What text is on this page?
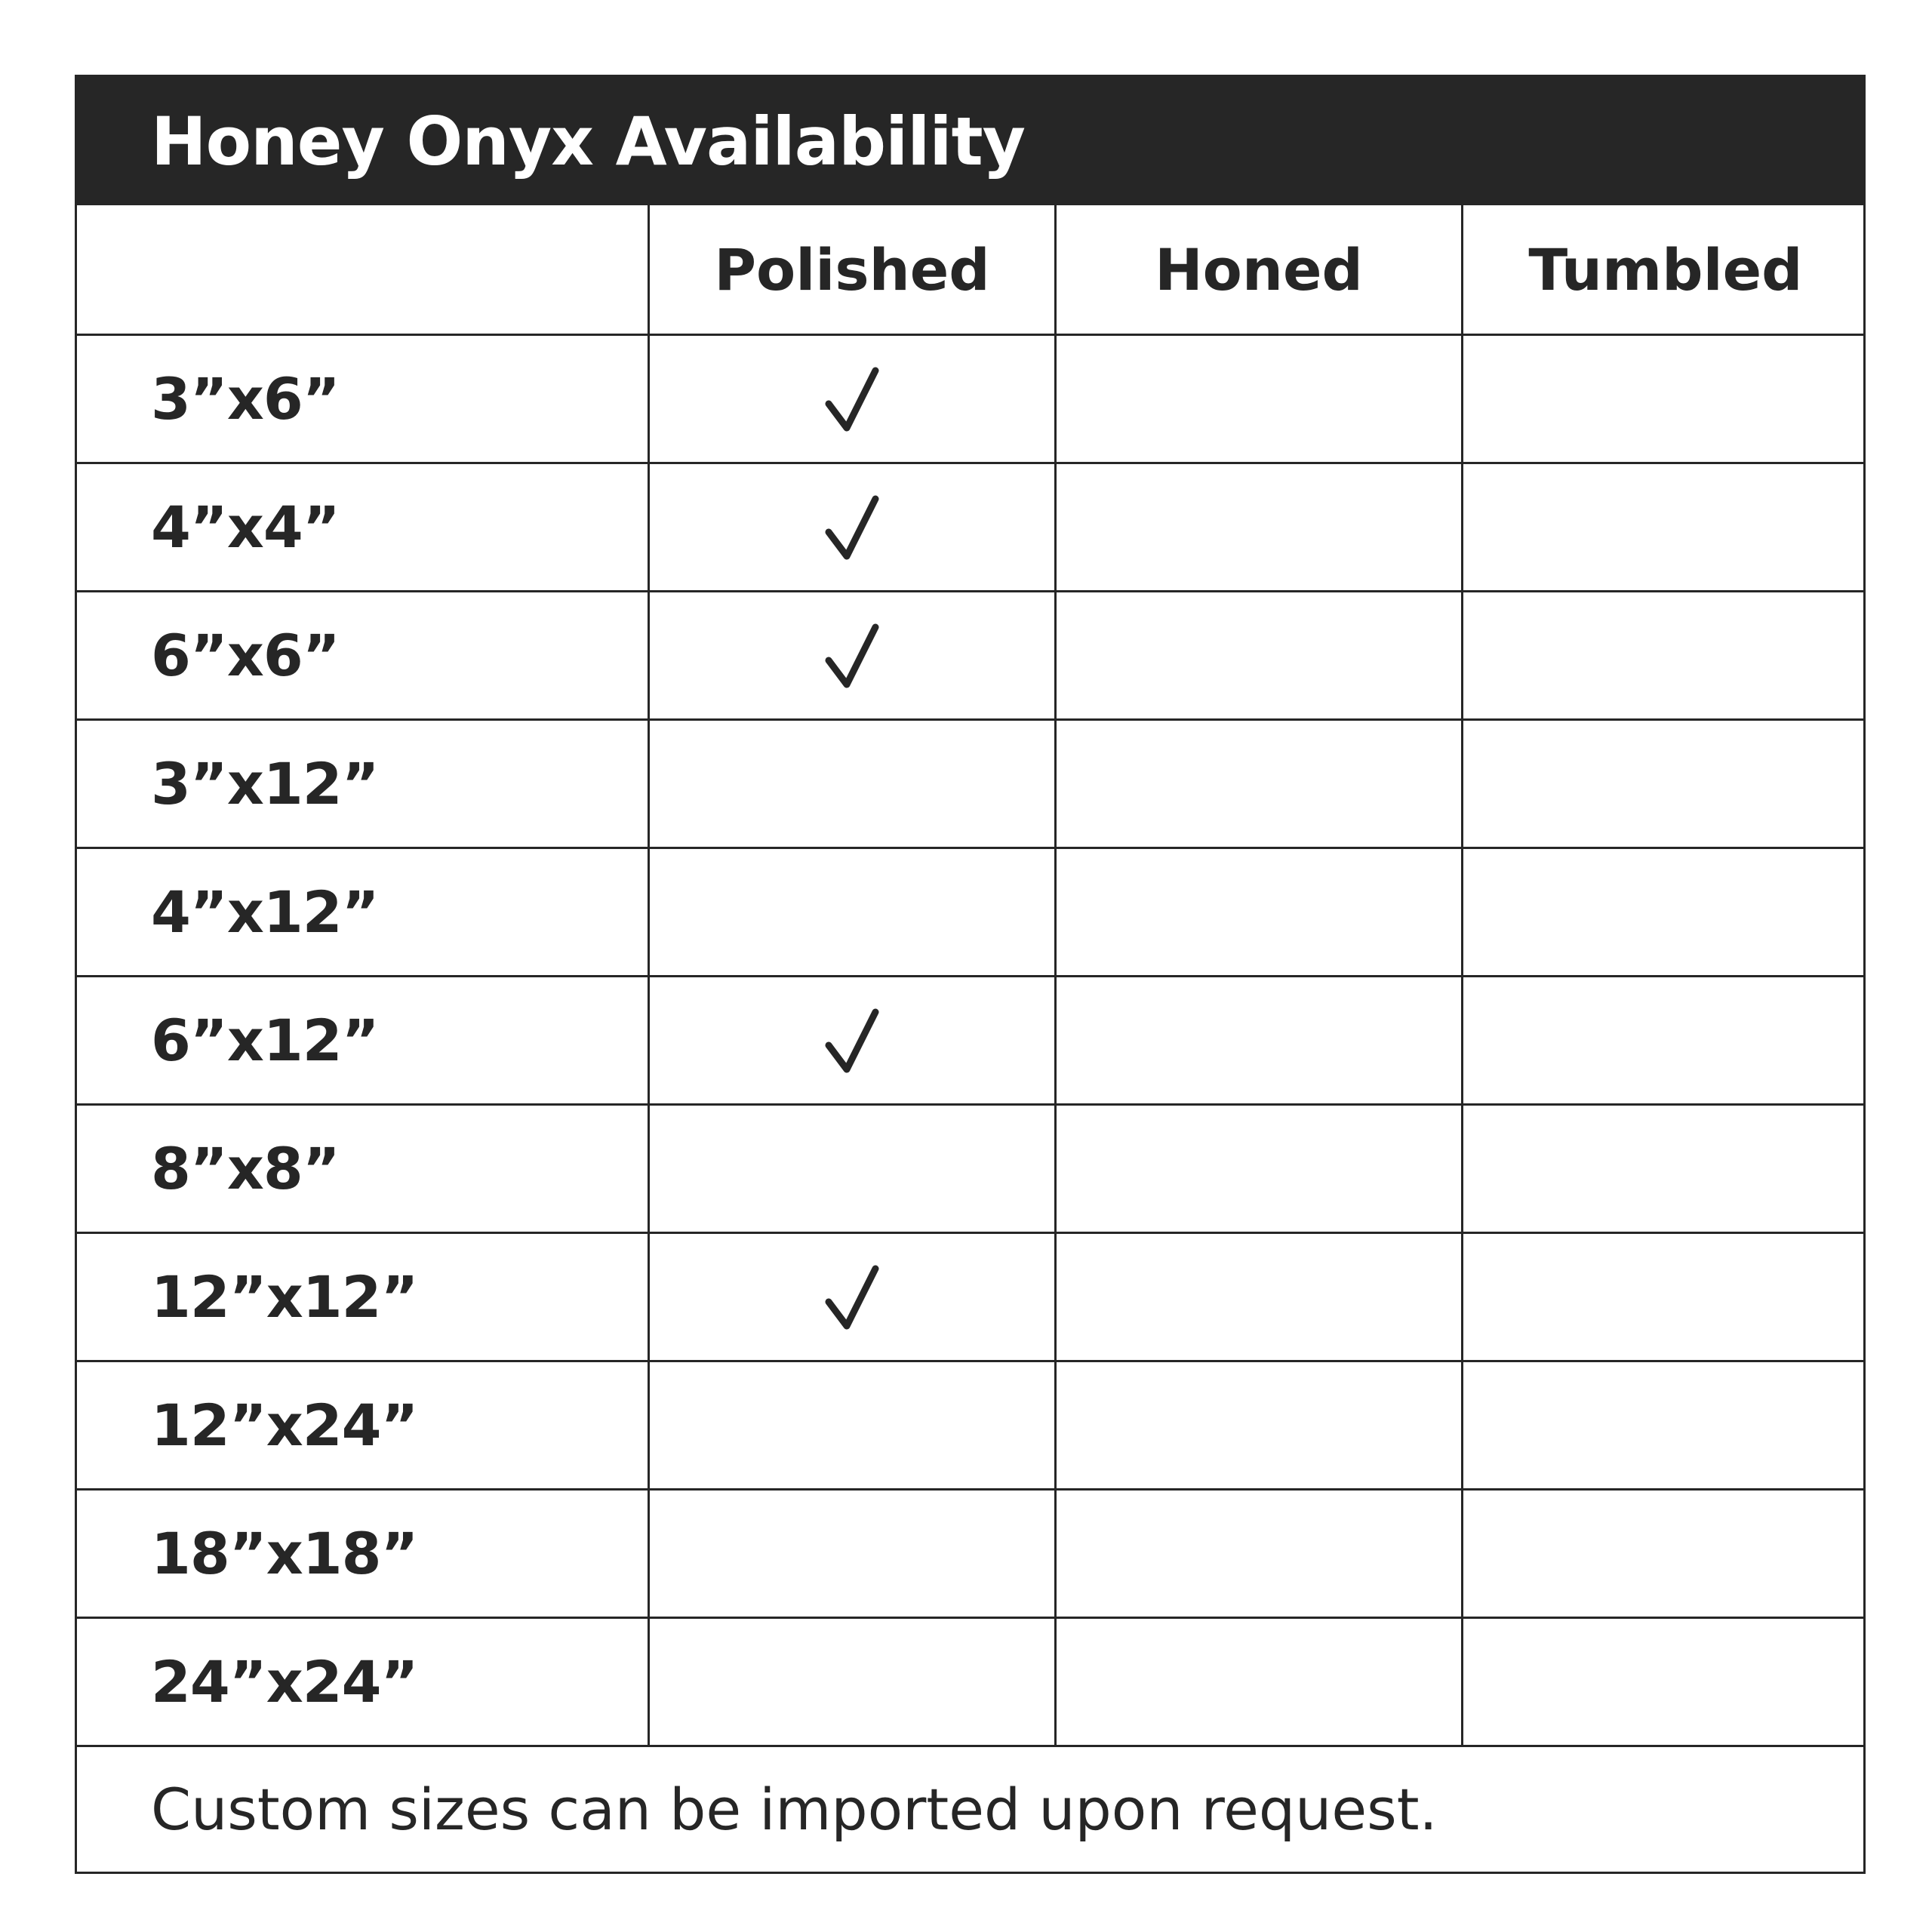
Honey Onyx Availability
Polished	Honed	Tumbled
3”x6”
4”x4”
6”x6”
3”x12”
4”x12”
6”x12”
8”x8”
12”x12”
12”x24”
18”x18”
24”x24”
Custom sizes can be imported upon request.
